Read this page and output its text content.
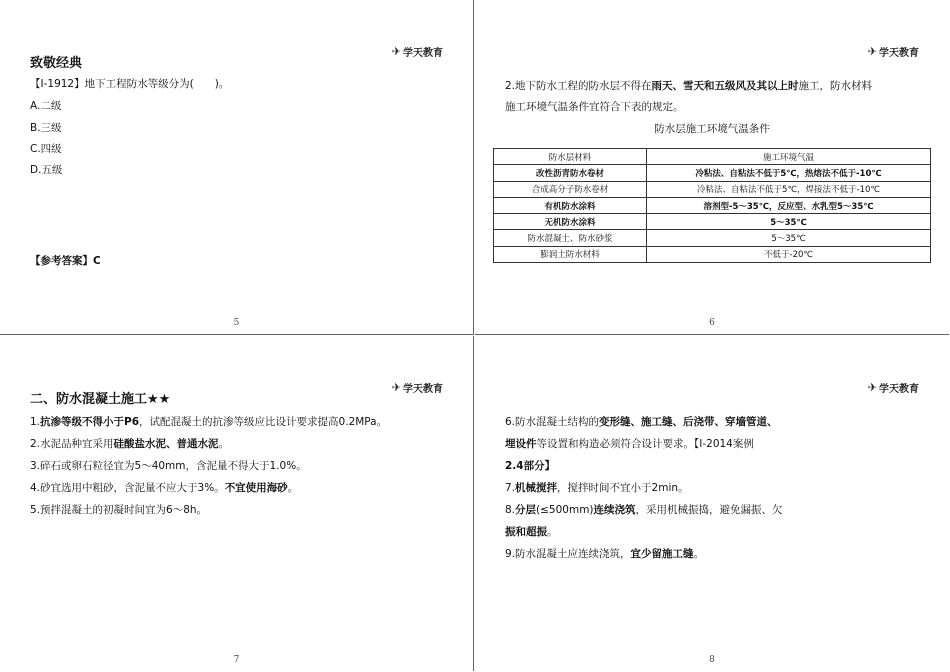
✈ 学天教育
致敬经典
【Ⅰ-1912】地下工程防水等级分为(　　)。
A.二级
B.三级
C.四级
D.五级
【参考答案】C
5
✈ 学天教育
2.地下防水工程的防水层不得在雨天、雪天和五级风及其以上时施工，防水材料
施工环境气温条件宜符合下表的规定。
防水层施工环境气温条件
防水层材料	施工环境气温
改性沥青防水卷材	冷粘法、自粘法不低于5℃，热熔法不低于-10℃
合成高分子防水卷材	冷粘法、自粘法不低于5℃，焊接法不低于-10℃
有机防水涂料	溶剂型-5～35℃，反应型、水乳型5～35℃
无机防水涂料	5～35℃
防水混凝土、防水砂浆	5～35℃
膨润土防水材料	不低于-20℃
6
✈ 学天教育
二、防水混凝土施工★★
1.抗渗等级不得小于P6，试配混凝土的抗渗等级应比设计要求提高0.2MPa。
2.水泥品种宜采用硅酸盐水泥、普通水泥。
3.碎石或卵石粒径宜为5～40mm，含泥量不得大于1.0%。
4.砂宜选用中粗砂，含泥量不应大于3%。不宜使用海砂。
5.预拌混凝土的初凝时间宜为6～8h。
7
✈ 学天教育
6.防水混凝土结构的变形缝、施工缝、后浇带、穿墙管道、
埋设件等设置和构造必须符合设计要求。【Ⅰ-2014案例
2.4部分】
7.机械搅拌，搅拌时间不宜小于2min。
8.分层(≤500mm)连续浇筑，采用机械振捣，避免漏振、欠
振和超振。
9.防水混凝土应连续浇筑，宜少留施工缝。
8
